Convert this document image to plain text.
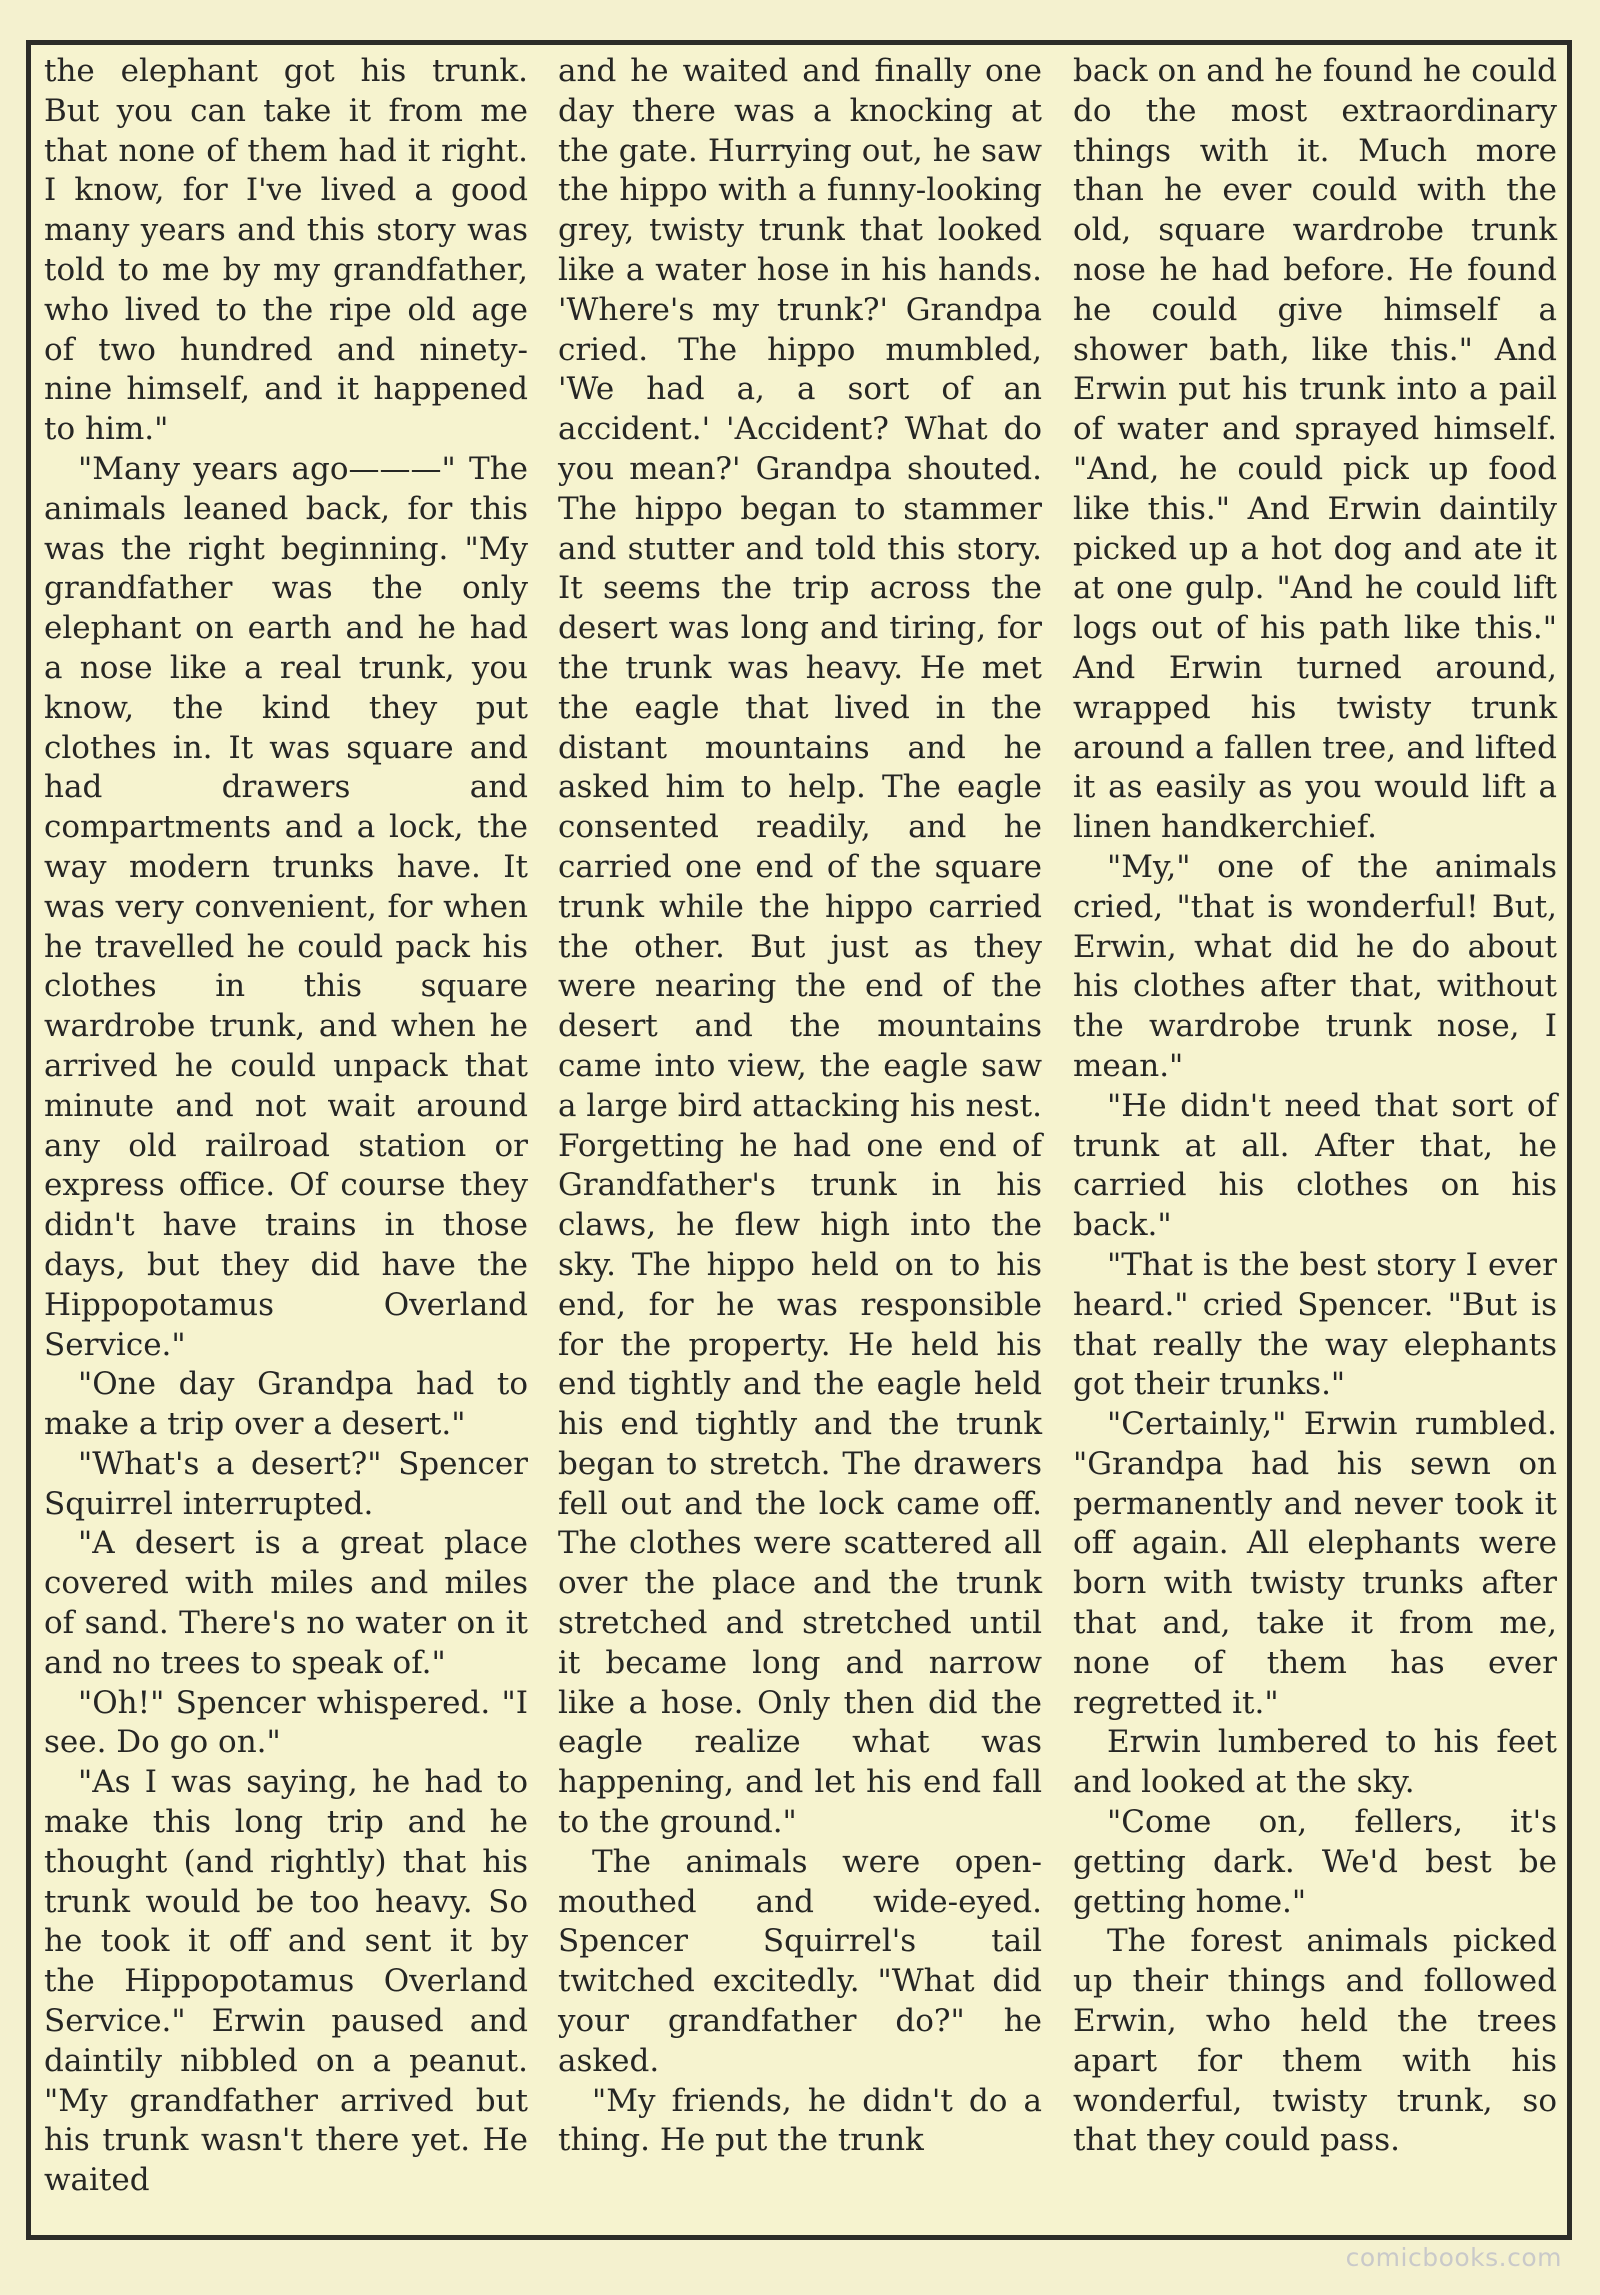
the elephant got his trunk. But you can take it from me that none of them had it right. I know, for I've lived a good many years and this story was told to me by my grandfather, who lived to the ripe old age of two hundred and ninety-nine himself, and it happened to him."

"Many years ago———" The animals leaned back, for this was the right beginning. "My grandfather was the only elephant on earth and he had a nose like a real trunk, you know, the kind they put clothes in. It was square and had drawers and compartments and a lock, the way modern trunks have. It was very convenient, for when he travelled he could pack his clothes in this square wardrobe trunk, and when he arrived he could unpack that minute and not wait around any old railroad station or express office. Of course they didn't have trains in those days, but they did have the Hippopotamus Overland Service."

"One day Grandpa had to make a trip over a desert."

"What's a desert?" Spencer Squirrel interrupted.

"A desert is a great place covered with miles and miles of sand. There's no water on it and no trees to speak of."

"Oh!" Spencer whispered. "I see. Do go on."

"As I was saying, he had to make this long trip and he thought (and rightly) that his trunk would be too heavy. So he took it off and sent it by the Hippopotamus Overland Service." Erwin paused and daintily nibbled on a peanut. "My grandfather arrived but his trunk wasn't there yet. He waited

and he waited and finally one day there was a knocking at the gate. Hurrying out, he saw the hippo with a funny-looking grey, twisty trunk that looked like a water hose in his hands. 'Where's my trunk?' Grandpa cried. The hippo mumbled, 'We had a, a sort of an accident.' 'Accident? What do you mean?' Grandpa shouted. The hippo began to stammer and stutter and told this story. It seems the trip across the desert was long and tiring, for the trunk was heavy. He met the eagle that lived in the distant mountains and he asked him to help. The eagle consented readily, and he carried one end of the square trunk while the hippo carried the other. But just as they were nearing the end of the desert and the mountains came into view, the eagle saw a large bird attacking his nest. Forgetting he had one end of Grandfather's trunk in his claws, he flew high into the sky. The hippo held on to his end, for he was responsible for the property. He held his end tightly and the eagle held his end tightly and the trunk began to stretch. The drawers fell out and the lock came off. The clothes were scattered all over the place and the trunk stretched and stretched until it became long and narrow like a hose. Only then did the eagle realize what was happening, and let his end fall to the ground."

The animals were open-mouthed and wide-eyed. Spencer Squirrel's tail twitched excitedly. "What did your grandfather do?" he asked.

"My friends, he didn't do a thing. He put the trunk

back on and he found he could do the most extraordinary things with it. Much more than he ever could with the old, square wardrobe trunk nose he had before. He found he could give himself a shower bath, like this." And Erwin put his trunk into a pail of water and sprayed himself. "And, he could pick up food like this." And Erwin daintily picked up a hot dog and ate it at one gulp. "And he could lift logs out of his path like this." And Erwin turned around, wrapped his twisty trunk around a fallen tree, and lifted it as easily as you would lift a linen handkerchief.

"My," one of the animals cried, "that is wonderful! But, Erwin, what did he do about his clothes after that, without the wardrobe trunk nose, I mean."

"He didn't need that sort of trunk at all. After that, he carried his clothes on his back."

"That is the best story I ever heard." cried Spencer. "But is that really the way elephants got their trunks."

"Certainly," Erwin rumbled. "Grandpa had his sewn on permanently and never took it off again. All elephants were born with twisty trunks after that and, take it from me, none of them has ever regretted it."

Erwin lumbered to his feet and looked at the sky.

"Come on, fellers, it's getting dark. We'd best be getting home."

The forest animals picked up their things and followed Erwin, who held the trees apart for them with his wonderful, twisty trunk, so that they could pass.

comicbooks.com
